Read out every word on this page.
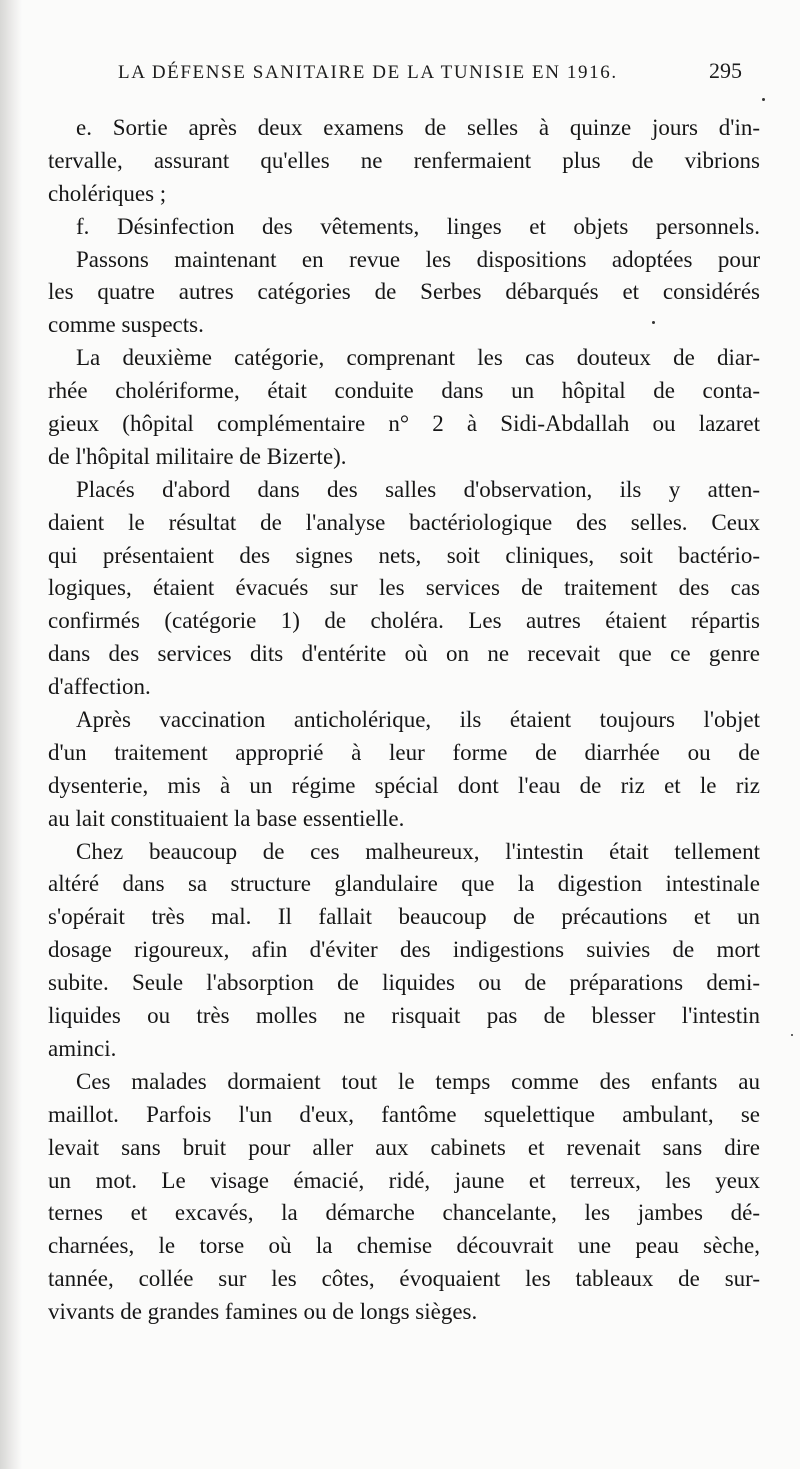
LA DÉFENSE SANITAIRE DE LA TUNISIE EN 1916.	295
e. Sortie après deux examens de selles à quinze jours d'in-
tervalle, assurant qu'elles ne renfermaient plus de vibrions
cholériques ;
f. Désinfection des vêtements, linges et objets personnels.
Passons maintenant en revue les dispositions adoptées pour
les quatre autres catégories de Serbes débarqués et considérés
comme suspects.
La deuxième catégorie, comprenant les cas douteux de diar-
rhée cholériforme, était conduite dans un hôpital de conta-
gieux (hôpital complémentaire n° 2 à Sidi-Abdallah ou lazaret
de l'hôpital militaire de Bizerte).
Placés d'abord dans des salles d'observation, ils y atten-
daient le résultat de l'analyse bactériologique des selles. Ceux
qui présentaient des signes nets, soit cliniques, soit bactério-
logiques, étaient évacués sur les services de traitement des cas
confirmés (catégorie 1) de choléra. Les autres étaient répartis
dans des services dits d'entérite où on ne recevait que ce genre
d'affection.
Après vaccination anticholérique, ils étaient toujours l'objet
d'un traitement approprié à leur forme de diarrhée ou de
dysenterie, mis à un régime spécial dont l'eau de riz et le riz
au lait constituaient la base essentielle.
Chez beaucoup de ces malheureux, l'intestin était tellement
altéré dans sa structure glandulaire que la digestion intestinale
s'opérait très mal. Il fallait beaucoup de précautions et un
dosage rigoureux, afin d'éviter des indigestions suivies de mort
subite. Seule l'absorption de liquides ou de préparations demi-
liquides ou très molles ne risquait pas de blesser l'intestin
aminci.
Ces malades dormaient tout le temps comme des enfants au
maillot. Parfois l'un d'eux, fantôme squelettique ambulant, se
levait sans bruit pour aller aux cabinets et revenait sans dire
un mot. Le visage émacié, ridé, jaune et terreux, les yeux
ternes et excavés, la démarche chancelante, les jambes dé-
charnées, le torse où la chemise découvrait une peau sèche,
tannée, collée sur les côtes, évoquaient les tableaux de sur-
vivants de grandes famines ou de longs sièges.
